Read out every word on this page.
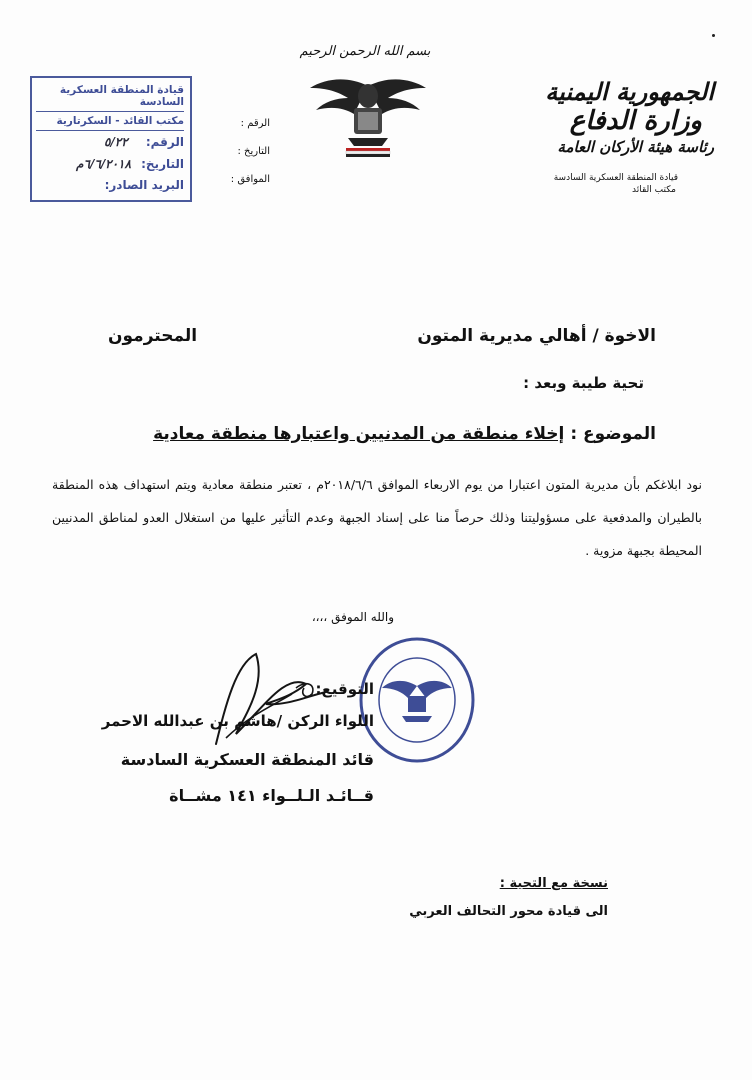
الجمهورية اليمنية
وزارة الدفاع
رئاسة هيئة الأركان العامة
قيادة المنطقة العسكرية السادسة
مكتب القائد
بسم الله الرحمن الرحيم
الرقم :
التاريخ :
الموافق :
قيادة المنطقة العسكرية السادسة
مكتب القائد - السكرتارية
الرقم: ٥/٢٢
التاريخ: ٦/٦/٢٠١٨م
البريد الصادر:
الاخوة / أهالي مديرية المتون
المحترمون
تحية طيبة وبعد :
الموضوع : إخلاء منطقة من المدنيين واعتبارها منطقة معادية
نود ابلاغكم بأن مديرية المتون اعتبارا من يوم الاربعاء الموافق ٢٠١٨/٦/٦م ، تعتبر منطقة معادية ويتم استهداف هذه المنطقة بالطيران والمدفعية على مسؤوليتنا وذلك حرصاً منا على إسناد الجبهة وعدم التأثير عليها من استغلال العدو لمناطق المدنيين المحيطة بجبهة مزوية .
والله الموفق ،،،،
التوقيع:
اللواء الركن /هاشم بن عبدالله الاحمر
قائد المنطقة العسكرية السادسة
قــائـد الـلــواء ١٤١ مشــاة
نسخة مع التحية :
الى قيادة محور التحالف العربي
